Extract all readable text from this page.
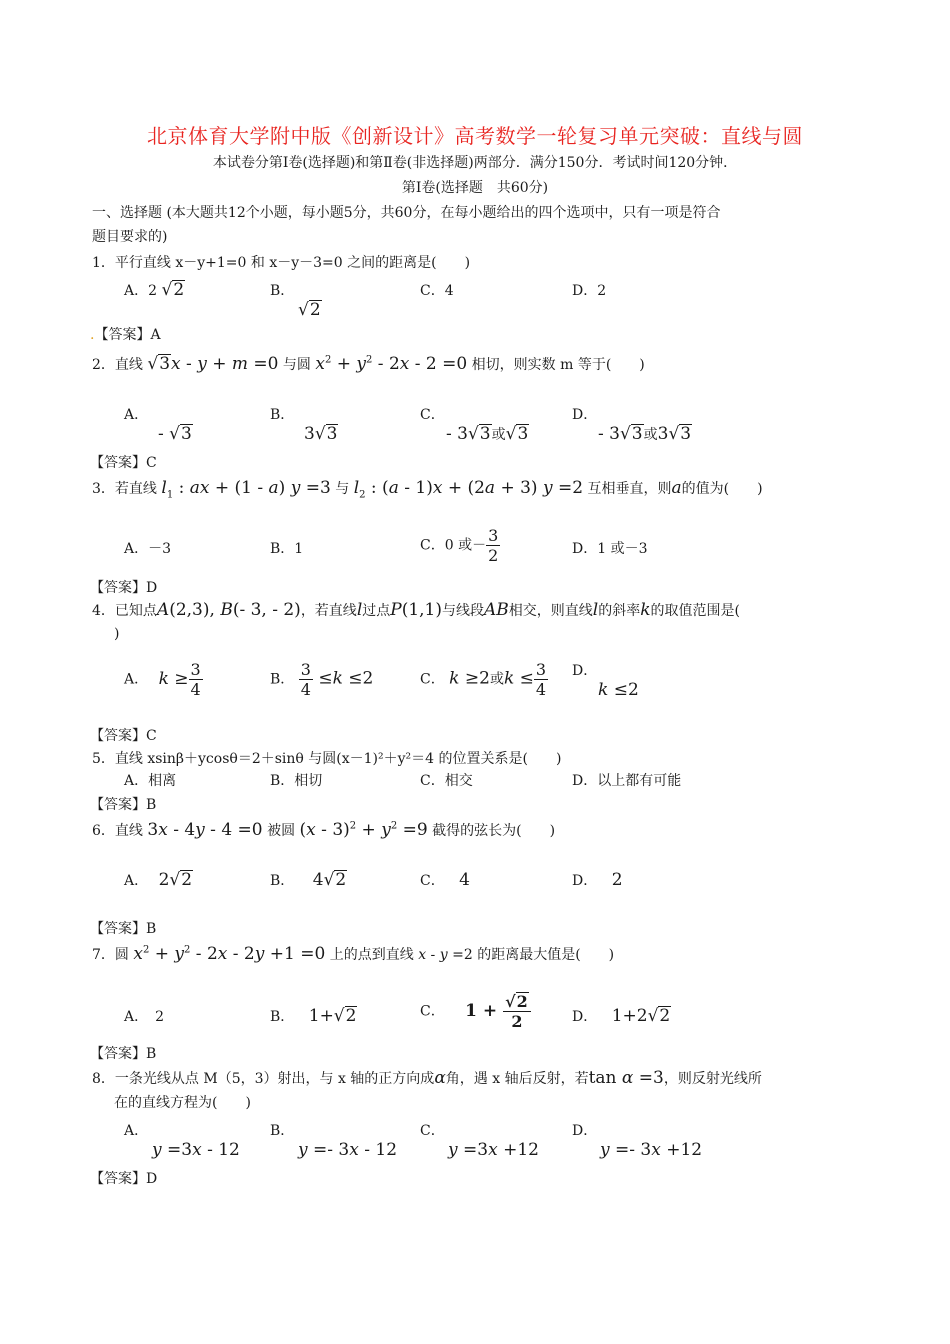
北京体育大学附中版《创新设计》高考数学一轮复习单元突破：直线与圆
本试卷分第Ⅰ卷(选择题)和第Ⅱ卷(非选择题)两部分．满分150分．考试时间120分钟．
第Ⅰ卷(选择题　共60分)
一、选择题 (本大题共12个小题，每小题5分，共60分，在每小题给出的四个选项中，只有一项是符合
题目要求的)
1．平行直线 x－y+1=0 和 x－y－3=0 之间的距离是(　　)
A．2 √2	B．
√2
C．4	D．2
.【答案】A
2．直线 √3x - y + m =0 与圆 $x^2 + y^2 - 2x - 2 =0$ 相切，则实数 m 等于(　　)
A．
- √3
B．
3√3
C．
- 3√3或√3
D．
- 3√3或3√3
【答案】C
3．若直线 $l_1$ : ax + (1 - a) y =3 与 $l_2$ : (a - 1)x + (2a + 3) y =2 互相垂直，则a的值为(　　)
A．－3	B．1	C．0 或－ $\frac{3}{2}$	D．1 或－3
【答案】D
4．已知点A(2,3), B(- 3, - 2)，若直线l过点P(1,1)与线段AB相交，则直线l的斜率k的取值范围是(
)
A． $k \ge \frac{3}{4}$	B． $\frac{3}{4} \le k \le 2$	C． k ≥2或$k \le \frac{3}{4}$ D．
k ≤2
【答案】C
5．直线 xsinβ＋ycosθ＝2＋sinθ 与圆(x－1)²＋y²＝4 的位置关系是(　　)
A．相离	B．相切	C．相交	D．以上都有可能
【答案】B
6．直线 3x - 4y - 4 =0 被圆 $(x - 3)^2 + y^2 =9$ 截得的弦长为(　　)
A． 2√2	B． 4√2	C． 4	D． 2
【答案】B
7．圆 $x^2 + y^2 - 2x - 2y +1 =0$ 上的点到直线 x - y =2 的距离最大值是(　　)
A．　2	B． 1+√2	C． $1 + \frac{√2}{2}$	D． 1+2√2
【答案】B
8．一条光线从点 M（5，3）射出，与 x 轴的正方向成α角，遇 x 轴后反射，若tan α =3，则反射光线所
在的直线方程为(　　)
A．
y =3x - 12
B．
y =- 3x - 12
C．
y =3x +12
D．
y =- 3x +12
【答案】D
